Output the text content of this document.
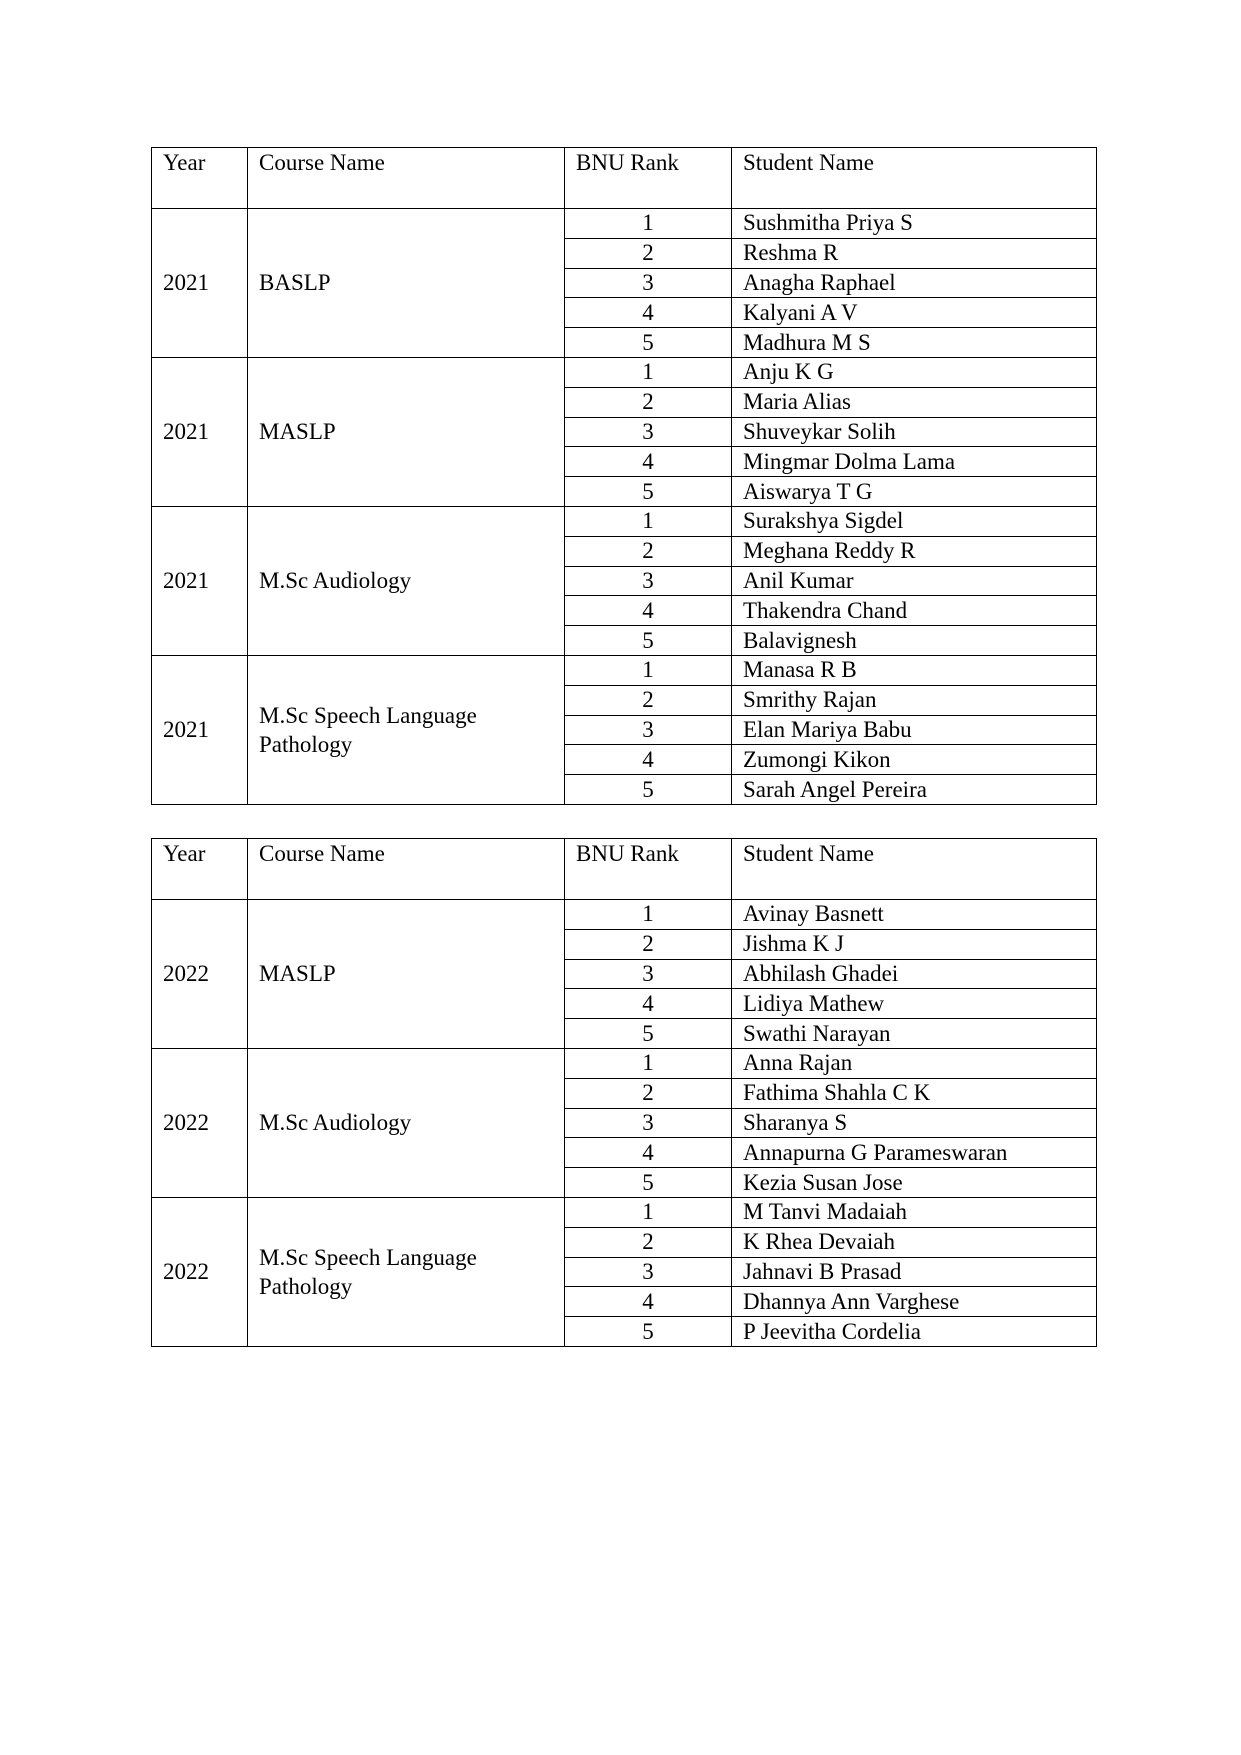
Year	Course Name	BNU Rank	Student Name
2021	BASLP	1	Sushmitha Priya S
		2	Reshma R
		3	Anagha Raphael
		4	Kalyani A V
		5	Madhura M S
2021	MASLP	1	Anju K G
		2	Maria Alias
		3	Shuveykar Solih
		4	Mingmar Dolma Lama
		5	Aiswarya T G
2021	M.Sc Audiology	1	Surakshya Sigdel
		2	Meghana Reddy R
		3	Anil Kumar
		4	Thakendra Chand
		5	Balavignesh
2021	M.Sc Speech Language Pathology	1	Manasa R B
		2	Smrithy Rajan
		3	Elan Mariya Babu
		4	Zumongi Kikon
		5	Sarah Angel Pereira
Year	Course Name	BNU Rank	Student Name
2022	MASLP	1	Avinay Basnett
		2	Jishma K J
		3	Abhilash Ghadei
		4	Lidiya Mathew
		5	Swathi Narayan
2022	M.Sc Audiology	1	Anna Rajan
		2	Fathima Shahla C K
		3	Sharanya S
		4	Annapurna G Parameswaran
		5	Kezia Susan Jose
2022	M.Sc Speech Language Pathology	1	M Tanvi Madaiah
		2	K Rhea Devaiah
		3	Jahnavi B Prasad
		4	Dhannya Ann Varghese
		5	P Jeevitha Cordelia
